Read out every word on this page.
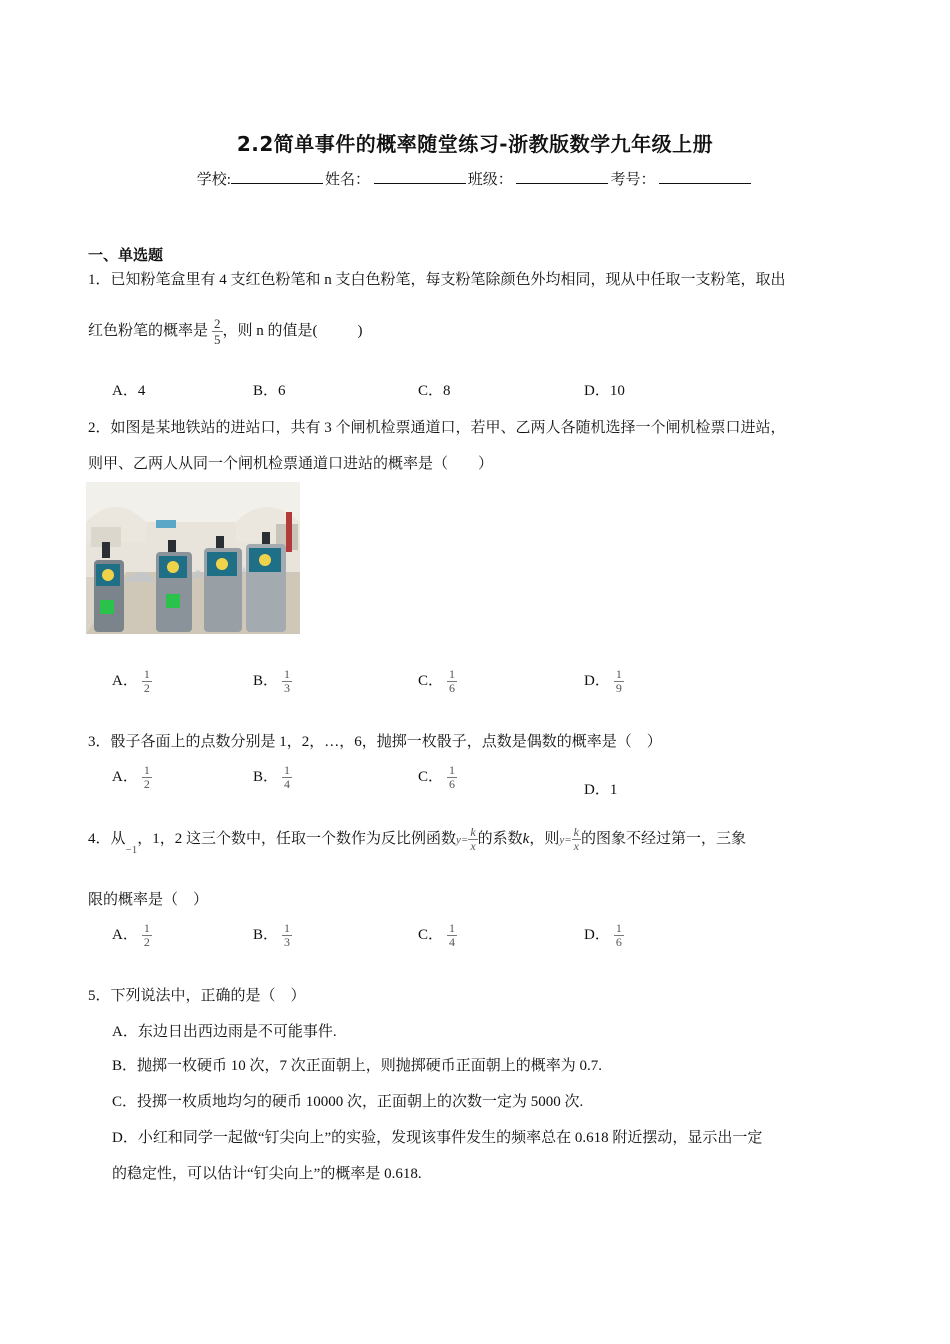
2.2简单事件的概率随堂练习-浙教版数学九年级上册
学校:	姓名：	班级：	考号：
一、单选题
1．已知粉笔盒里有 4 支红色粉笔和 n 支白色粉笔，每支粉笔除颜色外均相同，现从中任取一支粉笔，取出
红色粉笔的概率是 $\frac{2}{5}$ ，则 n 的值是(	)
A．4	B．6	C．8	D．10
2．如图是某地铁站的进站口，共有 3 个闸机检票通道口，若甲、乙两人各随机选择一个闸机检票口进站，
则甲、乙两人从同一个闸机检票通道口进站的概率是（　　）
A． $\frac{1}{2}$	B． $\frac{1}{3}$	C． $\frac{1}{6}$	D． $\frac{1}{9}$
3．骰子各面上的点数分别是 1，2，…，6，抛掷一枚骰子，点数是偶数的概率是（　）
A． $\frac{1}{2}$	B． $\frac{1}{4}$	C． $\frac{1}{6}$	D．1
4．从$_{-1}$，1，2 这三个数中，任取一个数作为反比例函数$y= \frac{k}{x}$ 的系数k，则$y= \frac{k}{x}$ 的图象不经过第一，三象
限的概率是（　）
A． $\frac{1}{2}$	B． $\frac{1}{3}$	C． $\frac{1}{4}$	D． $\frac{1}{6}$
5．下列说法中，正确的是（　）
A．东边日出西边雨是不可能事件.
B．抛掷一枚硬币 10 次，7 次正面朝上，则抛掷硬币正面朝上的概率为 0.7.
C．投掷一枚质地均匀的硬币 10000 次，正面朝上的次数一定为 5000 次.
D．小红和同学一起做“钉尖向上”的实验，发现该事件发生的频率总在 0.618 附近摆动，显示出一定
的稳定性，可以估计“钉尖向上”的概率是 0.618.
